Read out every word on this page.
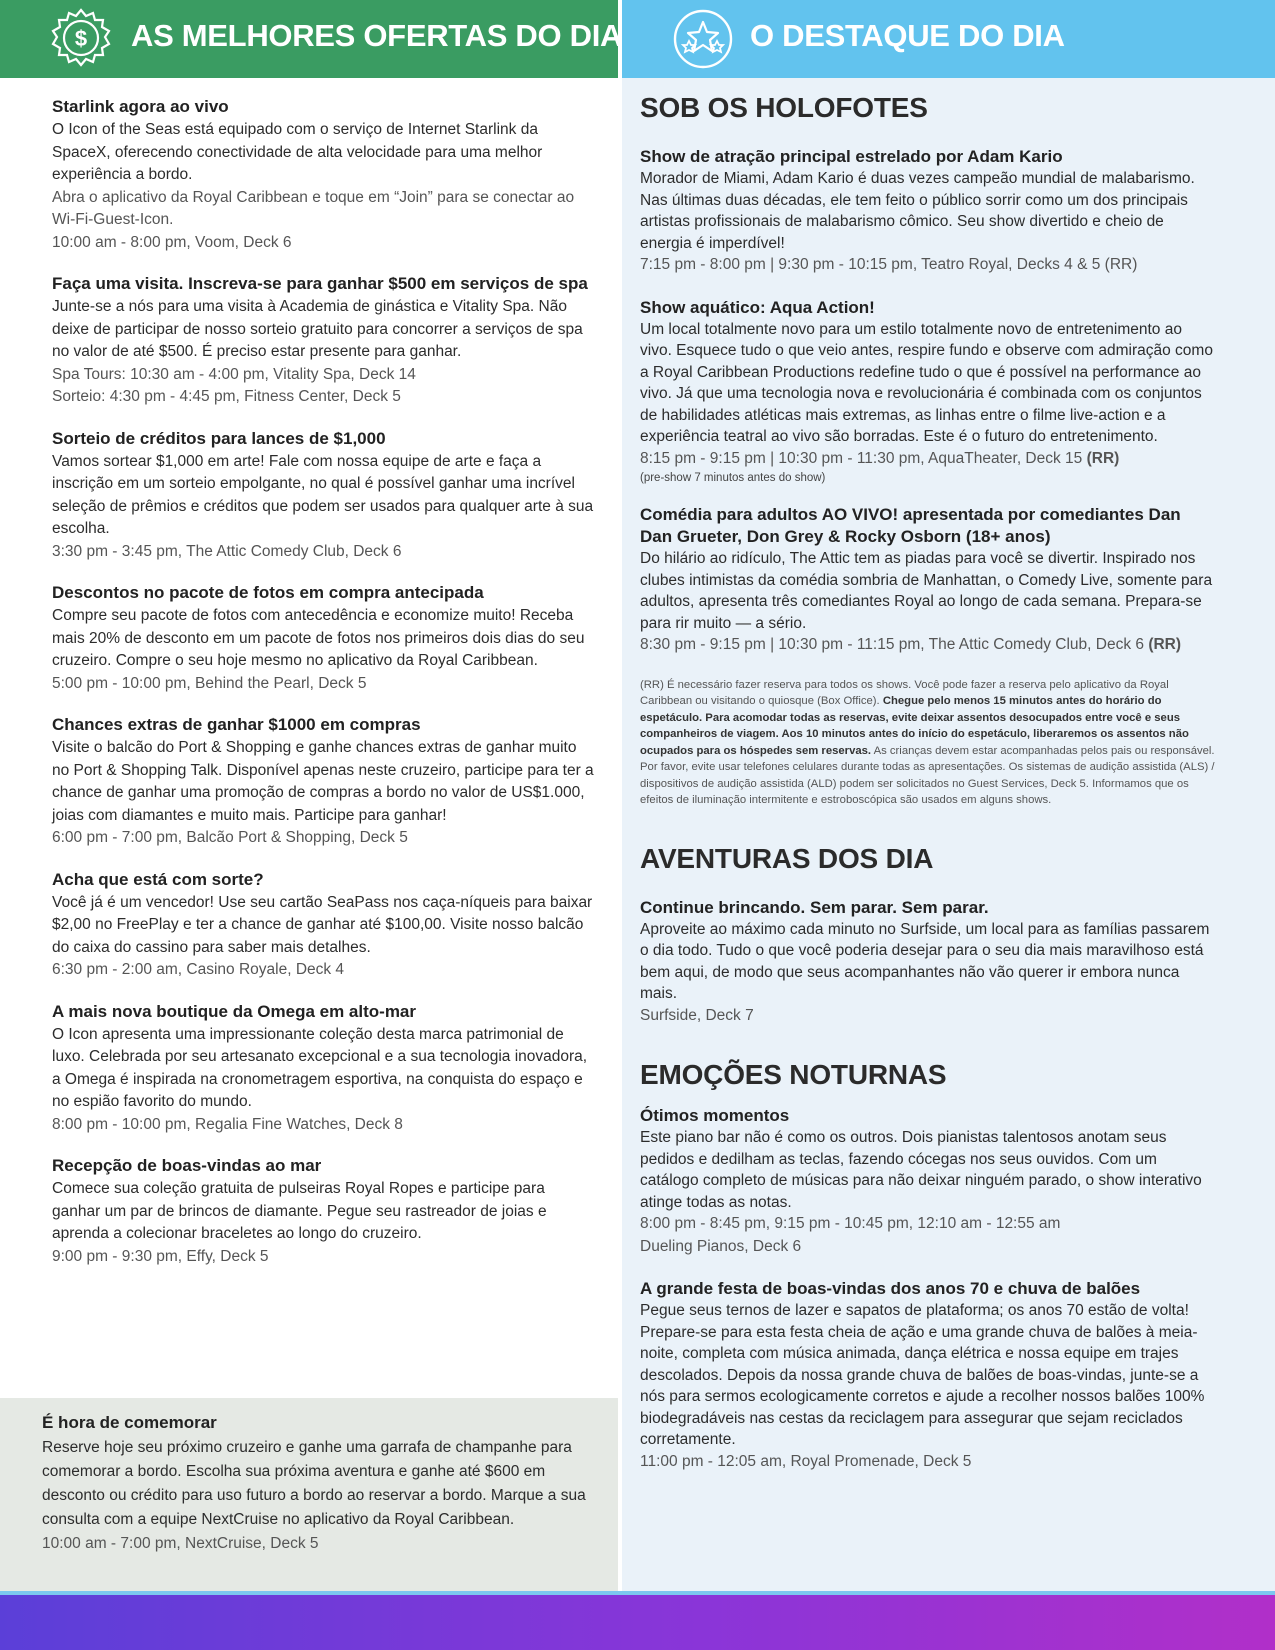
$ AS MELHORES OFERTAS DO DIA	O DESTAQUE DO DIA
Starlink agora ao vivo

O Icon of the Seas está equipado com o serviço de Internet Starlink da SpaceX, oferecendo conectividade de alta velocidade para uma melhor experiência a bordo.

Abra o aplicativo da Royal Caribbean e toque em “Join” para se conectar ao Wi-Fi-Guest-Icon.

10:00 am - 8:00 pm, Voom, Deck 6

Faça uma visita. Inscreva-se para ganhar $500 em serviços de spa

Junte-se a nós para uma visita à Academia de ginástica e Vitality Spa. Não deixe de participar de nosso sorteio gratuito para concorrer a serviços de spa no valor de até $500. É preciso estar presente para ganhar.

Spa Tours: 10:30 am - 4:00 pm, Vitality Spa, Deck 14

Sorteio: 4:30 pm - 4:45 pm, Fitness Center, Deck 5

Sorteio de créditos para lances de $1,000

Vamos sortear $1,000 em arte! Fale com nossa equipe de arte e faça a inscrição em um sorteio empolgante, no qual é possível ganhar uma incrível seleção de prêmios e créditos que podem ser usados para qualquer arte à sua escolha.

3:30 pm - 3:45 pm, The Attic Comedy Club, Deck 6

Descontos no pacote de fotos em compra antecipada

Compre seu pacote de fotos com antecedência e economize muito! Receba mais 20% de desconto em um pacote de fotos nos primeiros dois dias do seu cruzeiro. Compre o seu hoje mesmo no aplicativo da Royal Caribbean.

5:00 pm - 10:00 pm, Behind the Pearl, Deck 5

Chances extras de ganhar $1000 em compras

Visite o balcão do Port & Shopping e ganhe chances extras de ganhar muito no Port & Shopping Talk. Disponível apenas neste cruzeiro, participe para ter a chance de ganhar uma promoção de compras a bordo no valor de US$1.000, joias com diamantes e muito mais. Participe para ganhar!

6:00 pm - 7:00 pm, Balcão Port & Shopping, Deck 5

Acha que está com sorte?

Você já é um vencedor! Use seu cartão SeaPass nos caça-níqueis para baixar $2,00 no FreePlay e ter a chance de ganhar até $100,00. Visite nosso balcão do caixa do cassino para saber mais detalhes.

6:30 pm - 2:00 am, Casino Royale, Deck 4

A mais nova boutique da Omega em alto-mar

O Icon apresenta uma impressionante coleção desta marca patrimonial de luxo. Celebrada por seu artesanato excepcional e a sua tecnologia inovadora, a Omega é inspirada na cronometragem esportiva, na conquista do espaço e no espião favorito do mundo.

8:00 pm - 10:00 pm, Regalia Fine Watches, Deck 8

Recepção de boas-vindas ao mar

Comece sua coleção gratuita de pulseiras Royal Ropes e participe para ganhar um par de brincos de diamante. Pegue seu rastreador de joias e aprenda a colecionar braceletes ao longo do cruzeiro.

9:00 pm - 9:30 pm, Effy, Deck 5

É hora de comemorar

Reserve hoje seu próximo cruzeiro e ganhe uma garrafa de champanhe para comemorar a bordo. Escolha sua próxima aventura e ganhe até $600 em desconto ou crédito para uso futuro a bordo ao reservar a bordo. Marque a sua consulta com a equipe NextCruise no aplicativo da Royal Caribbean.

10:00 am - 7:00 pm, NextCruise, Deck 5

SOB OS HOLOFOTES
Show de atração principal estrelado por Adam Kario

Morador de Miami, Adam Kario é duas vezes campeão mundial de malabarismo. Nas últimas duas décadas, ele tem feito o público sorrir como um dos principais artistas profissionais de malabarismo cômico. Seu show divertido e cheio de energia é imperdível!

7:15 pm - 8:00 pm | 9:30 pm - 10:15 pm, Teatro Royal, Decks 4 & 5 (RR)

Show aquático: Aqua Action!

Um local totalmente novo para um estilo totalmente novo de entretenimento ao vivo. Esquece tudo o que veio antes, respire fundo e observe com admiração como a Royal Caribbean Productions redefine tudo o que é possível na performance ao vivo. Já que uma tecnologia nova e revolucionária é combinada com os conjuntos de habilidades atléticas mais extremas, as linhas entre o filme live-action e a experiência teatral ao vivo são borradas. Este é o futuro do entretenimento.

8:15 pm - 9:15 pm | 10:30 pm - 11:30 pm, AquaTheater, Deck 15 (RR)

(pre-show 7 minutos antes do show)

Comédia para adultos AO VIVO! apresentada por comediantes Dan Dan Grueter, Don Grey & Rocky Osborn (18+ anos)

Do hilário ao ridículo, The Attic tem as piadas para você se divertir. Inspirado nos clubes intimistas da comédia sombria de Manhattan, o Comedy Live, somente para adultos, apresenta três comediantes Royal ao longo de cada semana. Prepara-se para rir muito — a sério.

8:30 pm - 9:15 pm | 10:30 pm - 11:15 pm, The Attic Comedy Club, Deck 6 (RR)

(RR) É necessário fazer reserva para todos os shows. Você pode fazer a reserva pelo aplicativo da Royal Caribbean ou visitando o quiosque (Box Office). Chegue pelo menos 15 minutos antes do horário do espetáculo. Para acomodar todas as reservas, evite deixar assentos desocupados entre você e seus companheiros de viagem. Aos 10 minutos antes do início do espetáculo, liberaremos os assentos não ocupados para os hóspedes sem reservas. As crianças devem estar acompanhadas pelos pais ou responsável. Por favor, evite usar telefones celulares durante todas as apresentações. Os sistemas de audição assistida (ALS) / dispositivos de audição assistida (ALD) podem ser solicitados no Guest Services, Deck 5. Informamos que os efeitos de iluminação intermitente e estroboscópica são usados em alguns shows.

AVENTURAS DOS DIA
Continue brincando. Sem parar. Sem parar.

Aproveite ao máximo cada minuto no Surfside, um local para as famílias passarem o dia todo. Tudo o que você poderia desejar para o seu dia mais maravilhoso está bem aqui, de modo que seus acompanhantes não vão querer ir embora nunca mais.

Surfside, Deck 7

EMOÇÕES NOTURNAS
Ótimos momentos

Este piano bar não é como os outros. Dois pianistas talentosos anotam seus pedidos e dedilham as teclas, fazendo cócegas nos seus ouvidos. Com um catálogo completo de músicas para não deixar ninguém parado, o show interativo atinge todas as notas.

8:00 pm - 8:45 pm, 9:15 pm - 10:45 pm, 12:10 am - 12:55 am

Dueling Pianos, Deck 6

A grande festa de boas-vindas dos anos 70 e chuva de balões

Pegue seus ternos de lazer e sapatos de plataforma; os anos 70 estão de volta! Prepare-se para esta festa cheia de ação e uma grande chuva de balões à meia-noite, completa com música animada, dança elétrica e nossa equipe em trajes descolados. Depois da nossa grande chuva de balões de boas-vindas, junte-se a nós para sermos ecologicamente corretos e ajude a recolher nossos balões 100% biodegradáveis nas cestas da reciclagem para assegurar que sejam reciclados corretamente.

11:00 pm - 12:05 am, Royal Promenade, Deck 5
